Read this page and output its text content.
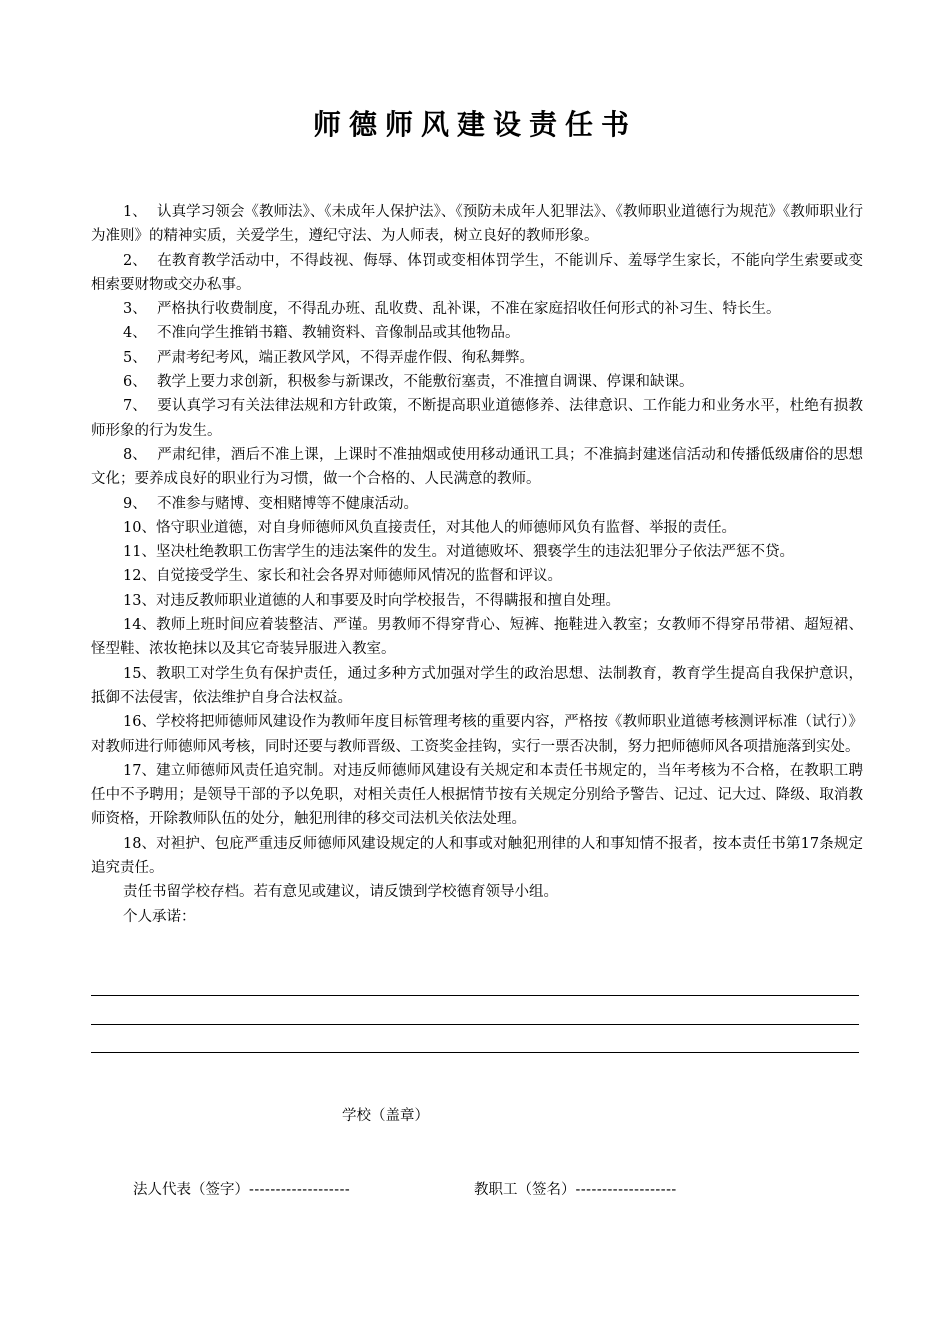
师德师风建设责任书

1、 认真学习领会《教师法》、《未成年人保护法》、《预防未成年人犯罪法》、《教师职业道德行为规范》《教师职业行为准则》的精神实质，关爱学生，遵纪守法、为人师表，树立良好的教师形象。

2、 在教育教学活动中，不得歧视、侮辱、体罚或变相体罚学生，不能训斥、羞辱学生家长，不能向学生索要或变相索要财物或交办私事。

3、 严格执行收费制度，不得乱办班、乱收费、乱补课，不准在家庭招收任何形式的补习生、特长生。

4、 不准向学生推销书籍、教辅资料、音像制品或其他物品。

5、 严肃考纪考风，端正教风学风，不得弄虚作假、徇私舞弊。

6、 教学上要力求创新，积极参与新课改，不能敷衍塞责，不准擅自调课、停课和缺课。

7、 要认真学习有关法律法规和方针政策，不断提高职业道德修养、法律意识、工作能力和业务水平，杜绝有损教师形象的行为发生。

8、 严肃纪律，酒后不准上课，上课时不准抽烟或使用移动通讯工具；不准搞封建迷信活动和传播低级庸俗的思想文化；要养成良好的职业行为习惯，做一个合格的、人民满意的教师。

9、 不准参与赌博、变相赌博等不健康活动。

10、恪守职业道德，对自身师德师风负直接责任，对其他人的师德师风负有监督、举报的责任。

11、坚决杜绝教职工伤害学生的违法案件的发生。对道德败坏、猥亵学生的违法犯罪分子依法严惩不贷。

12、自觉接受学生、家长和社会各界对师德师风情况的监督和评议。

13、对违反教师职业道德的人和事要及时向学校报告，不得瞒报和擅自处理。

14、教师上班时间应着装整洁、严谨。男教师不得穿背心、短裤、拖鞋进入教室；女教师不得穿吊带裙、超短裙、怪型鞋、浓妆艳抹以及其它奇装异服进入教室。

15、教职工对学生负有保护责任，通过多种方式加强对学生的政治思想、法制教育，教育学生提高自我保护意识，抵御不法侵害，依法维护自身合法权益。

16、学校将把师德师风建设作为教师年度目标管理考核的重要内容，严格按《教师职业道德考核测评标准（试行）》对教师进行师德师风考核，同时还要与教师晋级、工资奖金挂钩，实行一票否决制，努力把师德师风各项措施落到实处。

17、建立师德师风责任追究制。对违反师德师风建设有关规定和本责任书规定的，当年考核为不合格，在教职工聘任中不予聘用；是领导干部的予以免职，对相关责任人根据情节按有关规定分别给予警告、记过、记大过、降级、取消教师资格，开除教师队伍的处分，触犯刑律的移交司法机关依法处理。

18、对袒护、包庇严重违反师德师风建设规定的人和事或对触犯刑律的人和事知情不报者，按本责任书第17条规定追究责任。

责任书留学校存档。若有意见或建议，请反馈到学校德育领导小组。

个人承诺：

学校（盖章）
法人代表（签字）-------------------	教职工（签名）-------------------
